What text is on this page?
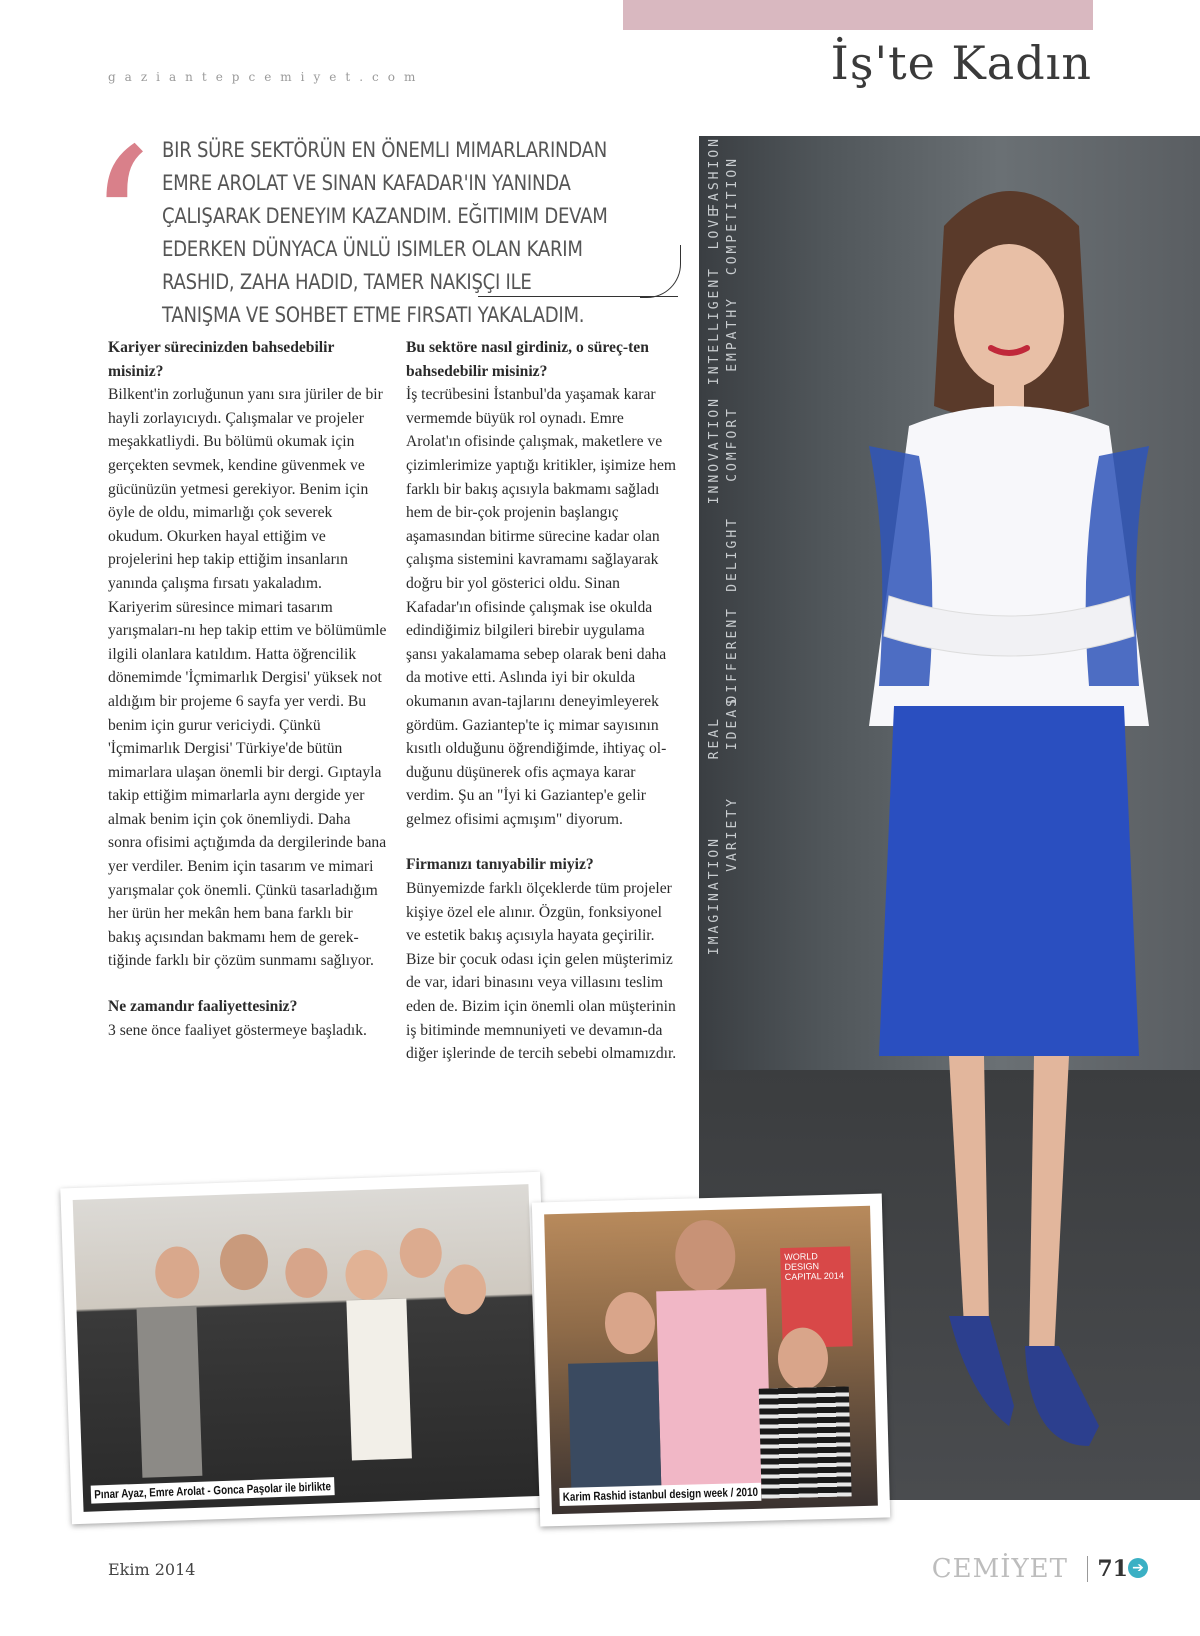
gaziantepcemiyet.com	İş'te Kadın
‘ BIR SÜRE SEKTÖRÜN EN ÖNEMLI MIMARLARINDAN EMRE AROLAT VE SINAN KAFADAR'IN YANINDA ÇALIŞARAK DENEYIM KAZANDIM. EĞITIMIM DEVAM EDERKEN DÜNYACA ÜNLÜ ISIMLER OLAN KARIM RASHID, ZAHA HADID, TAMER NAKIŞÇI ILE TANIŞMA VE SOHBET ETME FIRSATI YAKALADIM.
Kariyer sürecinizden bahsedebilir misiniz?

Bilkent'in zorluğunun yanı sıra jüriler de bir hayli zorlayıcıydı. Çalışmalar ve projeler meşakkatliydi. Bu bölümü okumak için gerçekten sevmek, kendine güvenmek ve gücünüzün yetmesi gerekiyor. Benim için öyle de oldu, mimarlığı çok severek okudum. Okurken hayal ettiğim ve projelerini hep takip ettiğim insanların yanında çalışma fırsatı yakaladım. Kariyerim süresince mimari tasarım yarışmaları-nı hep takip ettim ve bölümümle ilgili olanlara katıldım. Hatta öğrencilik dönemimde 'İçmimarlık Dergisi' yüksek not aldığım bir projeme 6 sayfa yer verdi. Bu benim için gurur vericiydi. Çünkü 'İçmimarlık Dergisi' Türkiye'de bütün mimarlara ulaşan önemli bir dergi. Gıptayla takip ettiğim mimarlarla aynı dergide yer almak benim için çok önemliydi. Daha sonra ofisimi açtığımda da dergilerinde bana yer verdiler. Benim için tasarım ve mimari yarışmalar çok önemli. Çünkü tasarladığım her ürün her mekân hem bana farklı bir bakış açısından bakmamı hem de gerek-tiğinde farklı bir çözüm sunmamı sağlıyor.

Ne zamandır faaliyettesiniz?

3 sene önce faaliyet göstermeye başladık.

Bu sektöre nasıl girdiniz, o süreç-ten bahsedebilir misiniz?

İş tecrübesini İstanbul'da yaşamak karar vermemde büyük rol oynadı. Emre Arolat'ın ofisinde çalışmak, maketlere ve çizimlerimize yaptığı kritikler, işimize hem farklı bir bakış açısıyla bakmamı sağladı hem de bir-çok projenin başlangıç aşamasından bitirme sürecine kadar olan çalışma sistemini kavramamı sağlayarak doğru bir yol gösterici oldu. Sinan Kafadar'ın ofisinde çalışmak ise okulda edindiğimiz bilgileri birebir uygulama şansı yakalamama sebep olarak beni daha da motive etti. Aslında iyi bir okulda okumanın avan-tajlarını deneyimleyerek gördüm. Gaziantep'te iç mimar sayısının kısıtlı olduğunu öğrendiğimde, ihtiyaç ol-duğunu düşünerek ofis açmaya karar verdim. Şu an "İyi ki Gaziantep'e gelir gelmez ofisimi açmışım" diyorum.

Firmanızı tanıyabilir miyiz?

Bünyemizde farklı ölçeklerde tüm projeler kişiye özel ele alınır. Özgün, fonksiyonel ve estetik bakış açısıyla hayata geçirilir. Bize bir çocuk odası için gelen müşterimiz de var, idari binasını veya villasını teslim eden de. Bizim için önemli olan müşterinin iş bitiminde memnuniyeti ve devamın-da diğer işlerinde de tercih sebebi olmamızdır.

IMAGINATION
REAL
VARIETY
IDEAS
DIFFERENT
DELIGHT
INNOVATION COMFORT
INTELLIGENT EMPATHY
LOVE COMPETITION
FASHION
Pınar Ayaz, Emre Arolat - Gonca Paşolar ile birlikte
WORLD DESIGN CAPITAL 2014
Karim Rashid istanbul design week / 2010
Ekim 2014	CEMİYET 71 ➔
